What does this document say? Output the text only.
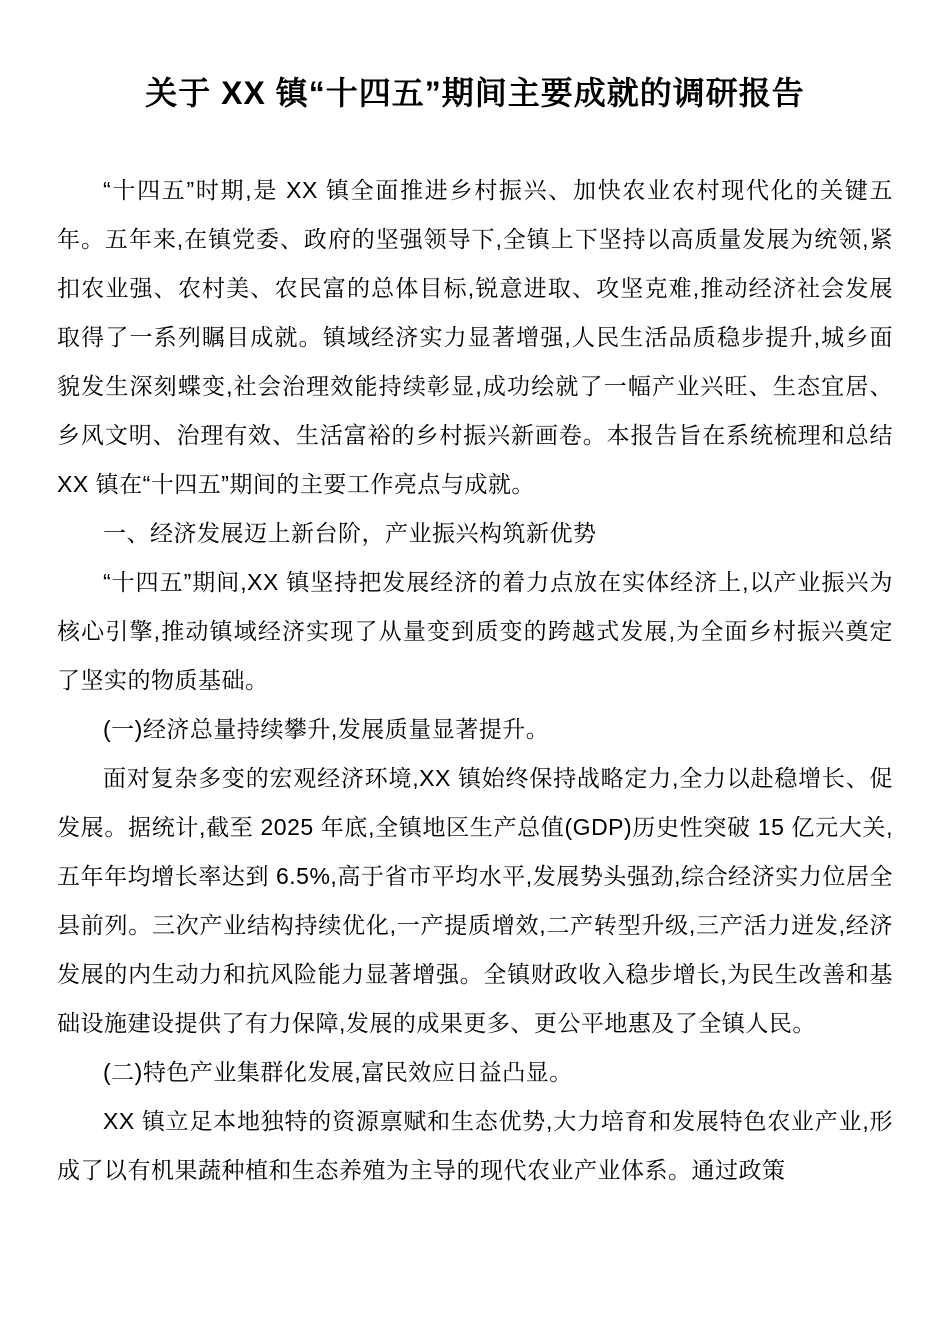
关于 XX 镇“十四五”期间主要成就的调研报告

“十四五”时期,是 XX 镇全面推进乡村振兴、加快农业农村现代化的关键五年。五年来,在镇党委、政府的坚强领导下,全镇上下坚持以高质量发展为统领,紧扣农业强、农村美、农民富的总体目标,锐意进取、攻坚克难,推动经济社会发展取得了一系列瞩目成就。镇域经济实力显著增强,人民生活品质稳步提升,城乡面貌发生深刻蝶变,社会治理效能持续彰显,成功绘就了一幅产业兴旺、生态宜居、乡风文明、治理有效、生活富裕的乡村振兴新画卷。本报告旨在系统梳理和总结 XX 镇在“十四五”期间的主要工作亮点与成就。

一、经济发展迈上新台阶，产业振兴构筑新优势

“十四五”期间,XX 镇坚持把发展经济的着力点放在实体经济上,以产业振兴为核心引擎,推动镇域经济实现了从量变到质变的跨越式发展,为全面乡村振兴奠定了坚实的物质基础。

(一)经济总量持续攀升,发展质量显著提升。

面对复杂多变的宏观经济环境,XX 镇始终保持战略定力,全力以赴稳增长、促发展。据统计,截至 2025 年底,全镇地区生产总值(GDP)历史性突破 15 亿元大关,五年年均增长率达到 6.5%,高于省市平均水平,发展势头强劲,综合经济实力位居全县前列。三次产业结构持续优化,一产提质增效,二产转型升级,三产活力迸发,经济发展的内生动力和抗风险能力显著增强。全镇财政收入稳步增长,为民生改善和基础设施建设提供了有力保障,发展的成果更多、更公平地惠及了全镇人民。

(二)特色产业集群化发展,富民效应日益凸显。

XX 镇立足本地独特的资源禀赋和生态优势,大力培育和发展特色农业产业,形成了以有机果蔬种植和生态养殖为主导的现代农业产业体系。通过政策
